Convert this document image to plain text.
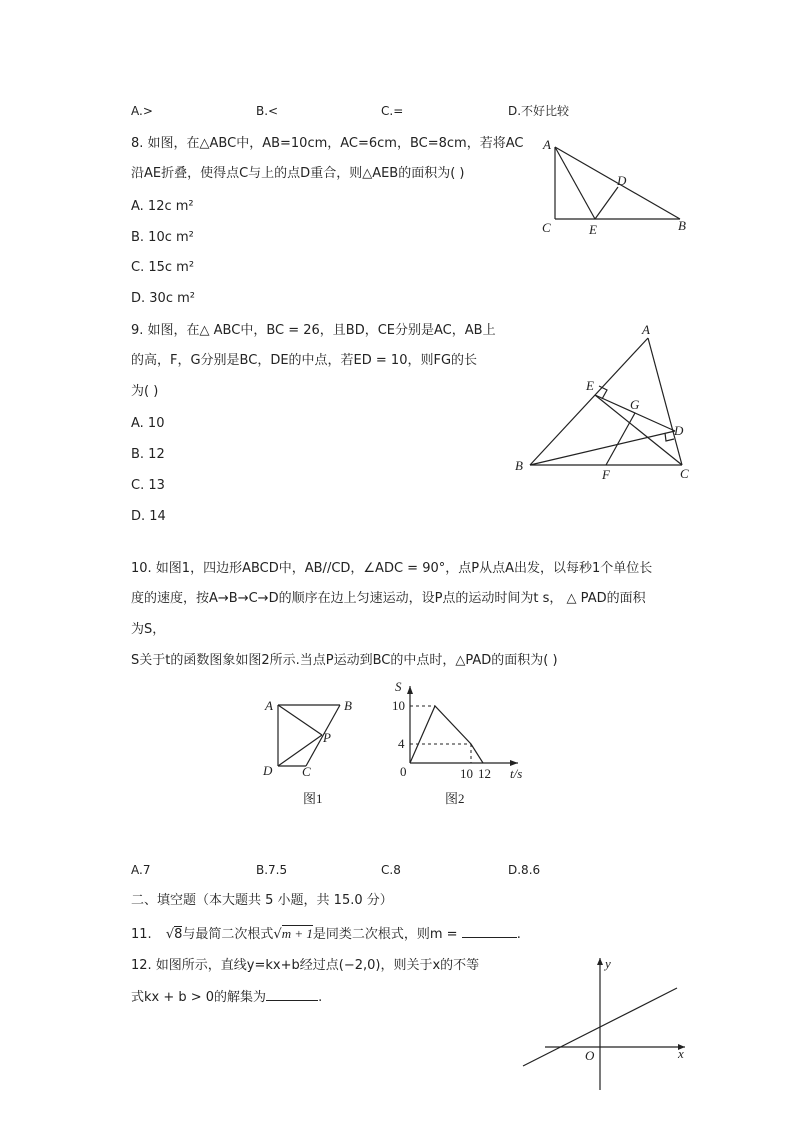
A.>	B.<	C.=	D.不好比较
8. 如图，在△ABC中，AB=10cm，AC=6cm，BC=8cm，若将AC
沿AE折叠，使得点C与上的点D重合，则△AEB的面积为( )
A. 12c m²
B. 10c m²
C. 15c m²
D. 30c m²
A
D
C	E	B
9. 如图，在△ ABC中，BC = 26，且BD，CE分别是AC，AB上
的高，F，G分别是BC，DE的中点，若ED = 10，则FG的长
为( )
A. 10
B. 12
C. 13
D. 14
A
E
G
D
B
F	C
10. 如图1，四边形ABCD中，AB//CD，∠ADC = 90°，点P从点A出发，以每秒1个单位长
度的速度，按A→B→C→D的顺序在边上匀速运动，设P点的运动时间为t s， △ PAD的面积
为S，
S关于t的函数图象如图2所示.当点P运动到BC的中点时，△PAD的面积为( )
A	B
P
D C
图1
S
10
4
0	10 12 t/s
图2
A.7	B.7.5	C.8	D.8.6
二、填空题（本大题共 5 小题，共 15.0 分）
11. √8与最简二次根式√m + 1是同类二次根式，则m =	.
12. 如图所示，直线y=kx+b经过点(−2,0)，则关于x的不等
式kx + b > 0的解集为	.
y
O	x
